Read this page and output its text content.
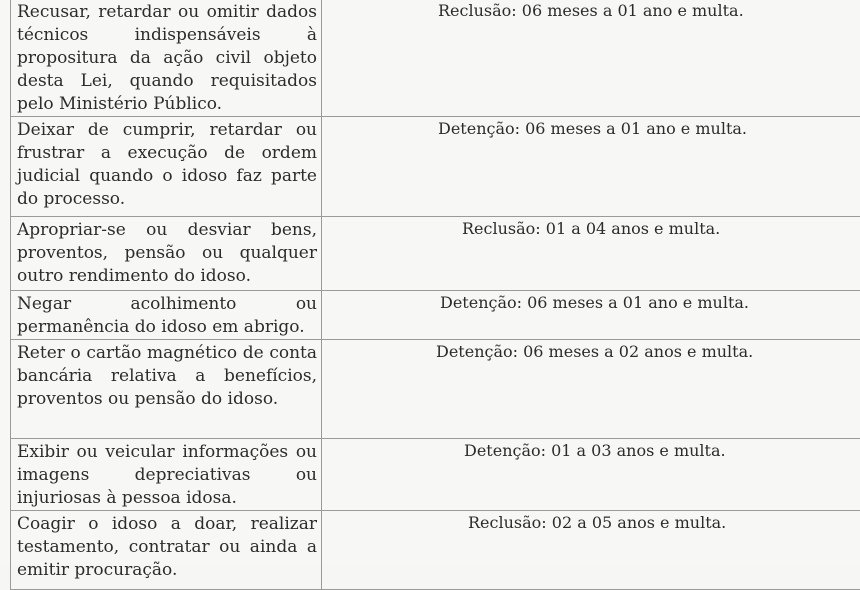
Recusar, retardar ou omitir dados técnicos indispensáveis à propositura da ação civil objeto desta Lei, quando requisitados pelo Ministério Público.	Reclusão: 06 meses a 01 ano e multa.

Deixar de cumprir, retardar ou frustrar a execução de ordem judicial quando o idoso faz parte do processo.	Detenção: 06 meses a 01 ano e multa.

Apropriar-se ou desviar bens, proventos, pensão ou qualquer outro rendimento do idoso.	Reclusão: 01 a 04 anos e multa.

Negar acolhimento ou permanência do idoso em abrigo.	Detenção: 06 meses a 01 ano e multa.

Reter o cartão magnético de conta bancária relativa a benefícios, proventos ou pensão do idoso.	Detenção: 06 meses a 02 anos e multa.

Exibir ou veicular informações ou imagens depreciativas ou injuriosas à pessoa idosa.	Detenção: 01 a 03 anos e multa.

Coagir o idoso a doar, realizar testamento, contratar ou ainda a emitir procuração.	Reclusão: 02 a 05 anos e multa.
